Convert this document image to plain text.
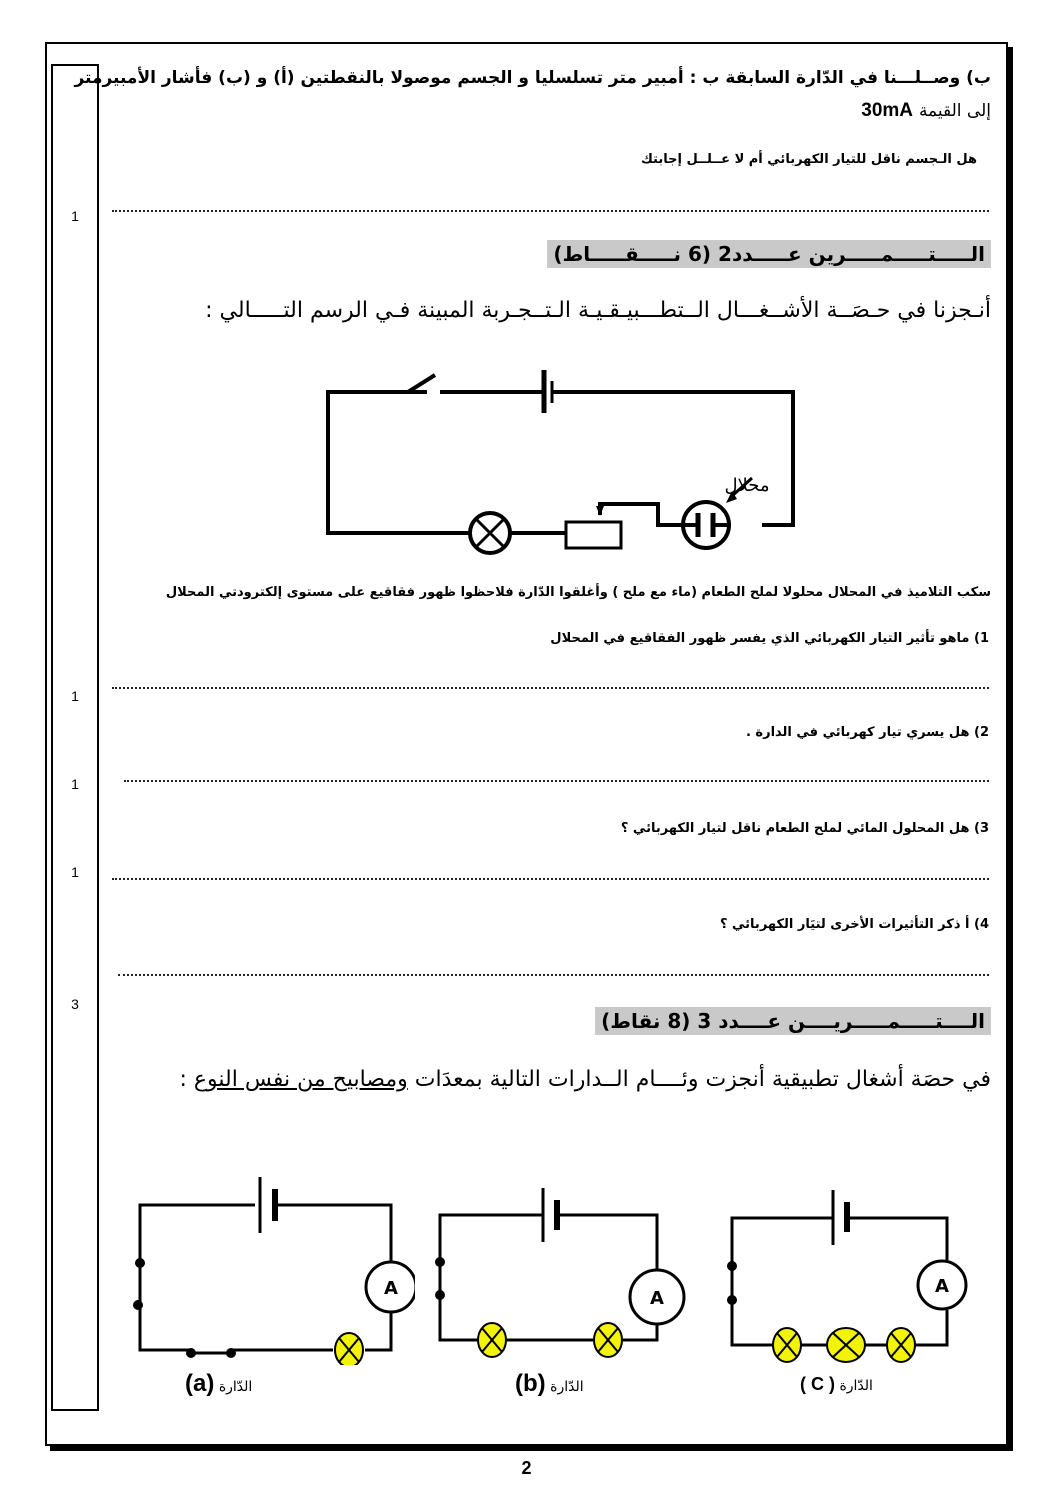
1
1
1
1
3
ب) وصــلـــنا في الدّارة السابقة ب : أمبير متر تسلسليا و الجسم موصولا بالنقطتين (أ) و (ب) فأشار الأمبيرمتر
إلى القيمة 30mA
هل الـجسم ناقل للتيار الكهربائي أم لا عــلــل إجابتك
الـــــتـــــمـــــرين عـــــدد2 (6 نـــــقـــــاط)
أنـجزنا في حـصَــة الأشــغـــال الــتطـــبيـقـيـة الـتــجـربة المبينة فـي الرسم التـــــالي :
محلال
سكب التلاميذ في المحلال محلولا لملح الطعام (ماء مع ملح ) وأغلقوا الدّارة فلاحظوا ظهور فقاقيع على مستوى إلكترودتي المحلال
1) ماهو تأثير التيار الكهربائي الذي يفسر ظهور الفقاقيع في المحلال
2) هل يسري تيار كهربائي في الدارة .
3) هل المحلول المائي لملح الطعام ناقل لتيار الكهربائي ؟
4) أ ذكر التأثيرات الأخرى لتيَار الكهربائي ؟
الــــتـــــمـــــريــــن عــــدد 3 (8 نقاط)
في حصَة أشغال تطبيقية أنجزت وئــــام الــدارات التالية بمعدَات ومصابيح من نفس النوع :
A
الدّارة (a)
A
الدّارة (b)
A
الدّارة ( C )
2
